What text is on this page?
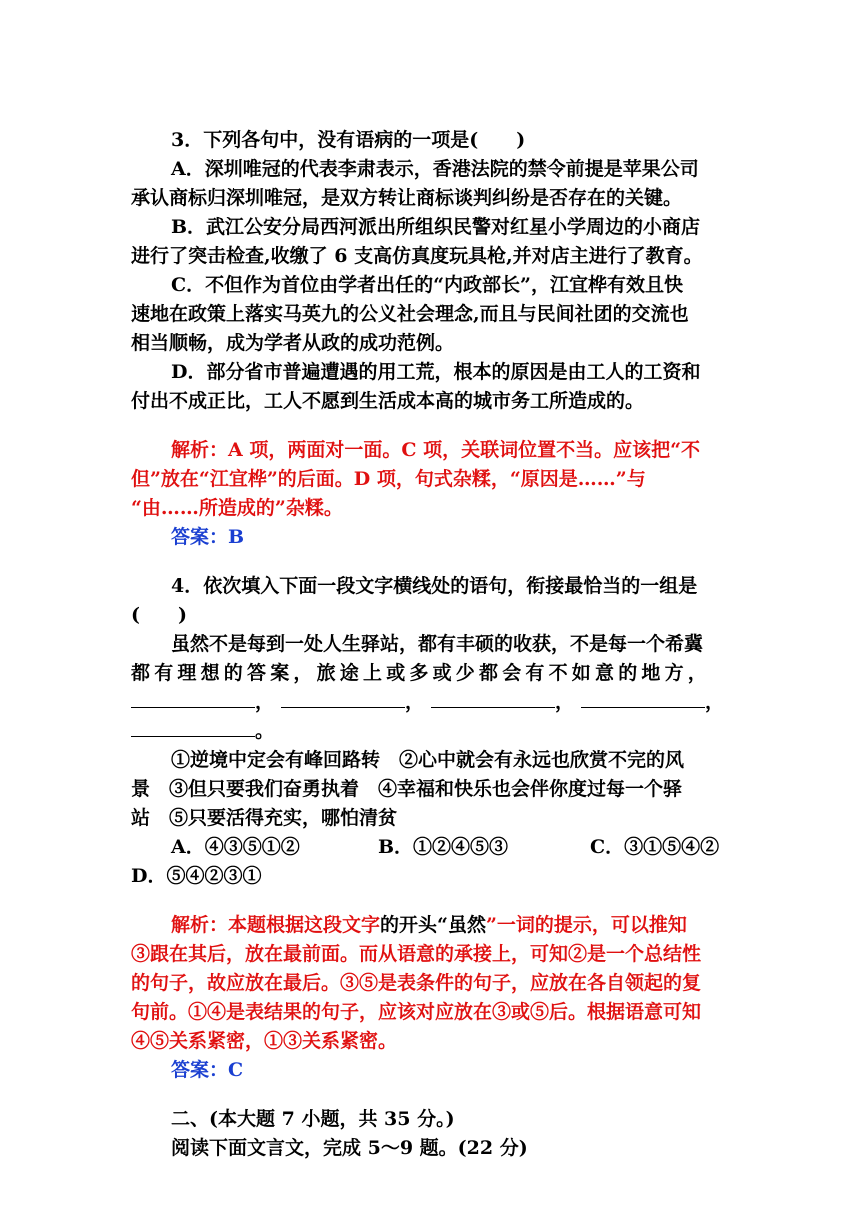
3．下列各句中，没有语病的一项是(　　)
A．深圳唯冠的代表李肃表示，香港法院的禁令前提是苹果公司
承认商标归深圳唯冠，是双方转让商标谈判纠纷是否存在的关键。
B．武江公安分局西河派出所组织民警对红星小学周边的小商店
进行了突击检查,收缴了 6 支高仿真度玩具枪,并对店主进行了教育。
C．不但作为首位由学者出任的“内政部长”，江宜桦有效且快
速地在政策上落实马英九的公义社会理念,而且与民间社团的交流也
相当顺畅，成为学者从政的成功范例。
D．部分省市普遍遭遇的用工荒，根本的原因是由工人的工资和
付出不成正比，工人不愿到生活成本高的城市务工所造成的。
解析：A 项，两面对一面。C 项，关联词位置不当。应该把“不
但”放在“江宜桦”的后面。D 项，句式杂糅，“原因是……”与
“由……所造成的”杂糅。
答案：B
4．依次填入下面一段文字横线处的语句，衔接最恰当的一组是
(　　)
虽然不是每到一处人生驿站，都有丰硕的收获，不是每一个希冀
都有理想的答案，旅途上或多或少都会有不如意的地方，
，	，	，	，
。
①逆境中定会有峰回路转　②心中就会有永远也欣赏不完的风
景　③但只要我们奋勇执着　④幸福和快乐也会伴你度过每一个驿
站　⑤只要活得充实，哪怕清贫
A．④③⑤①②	B．①②④⑤③	C．③①⑤④②
D．⑤④②③①
解析：本题根据这段文字的开头“虽然”一词的提示，可以推知
③跟在其后，放在最前面。而从语意的承接上，可知②是一个总结性
的句子，故应放在最后。③⑤是表条件的句子，应放在各自领起的复
句前。①④是表结果的句子，应该对应放在③或⑤后。根据语意可知
④⑤关系紧密，①③关系紧密。
答案：C
二、(本大题 7 小题，共 35 分。)
阅读下面文言文，完成 5～9 题。(22 分)
